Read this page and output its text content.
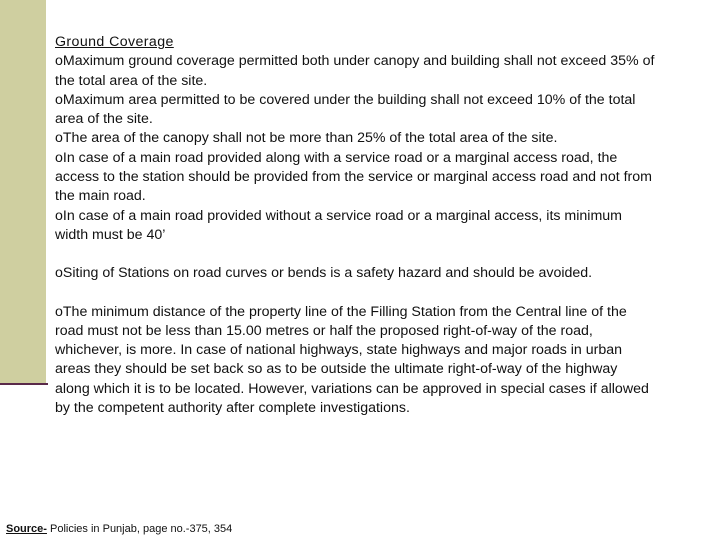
Ground Coverage

oMaximum ground coverage permitted both under canopy and building shall not exceed 35% of the total area of the site.

oMaximum area permitted to be covered under the building shall not exceed 10% of the total area of the site.

oThe area of the canopy shall not be more than 25% of the total area of the site.

oIn case of a main road provided along with a service road or a marginal access road, the access to the station should be provided from the service or marginal access road and not from the main road.

oIn case of a main road provided without a service road or a marginal access, its minimum width must be 40’

oSiting of Stations on road curves or bends is a safety hazard and should be avoided.

oThe minimum distance of the property line of the Filling Station from the Central line of the road must not be less than 15.00 metres or half the proposed right-of-way of the road, whichever, is more. In case of national highways, state highways and major roads in urban areas they should be set back so as to be outside the ultimate right-of-way of the highway along which it is to be located. However, variations can be approved in special cases if allowed by the competent authority after complete investigations.

Source- Policies in Punjab, page no.-375, 354
